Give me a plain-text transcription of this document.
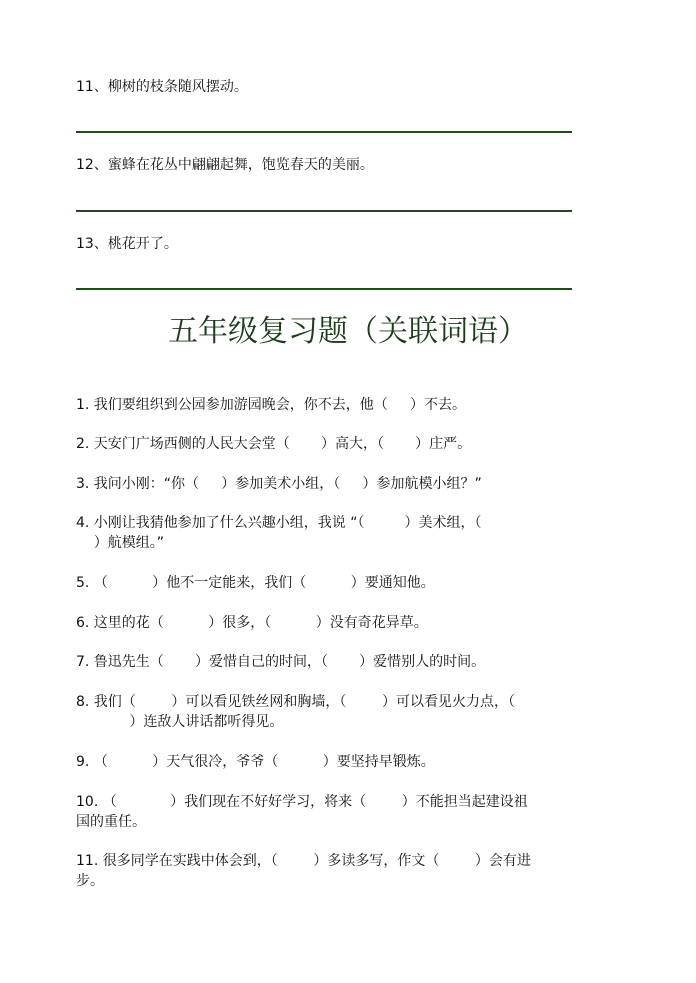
11、柳树的枝条随风摆动。
12、蜜蜂在花丛中翩翩起舞，饱览春天的美丽。
13、桃花开了。
五年级复习题（关联词语）
1. 我们要组织到公园参加游园晚会，你不去，他（     ）不去。
2. 天安门广场西侧的人民大会堂（       ）高大，（       ）庄严。
3. 我问小刚：“你（     ）参加美术小组，（     ）参加航模小组？”
4. 小刚让我猜他参加了什么兴趣小组，我说 “（         ）美术组，（
）航模组。”
5. （          ）他不一定能来，我们（          ）要通知他。
6. 这里的花（          ）很多，（          ）没有奇花异草。
7. 鲁迅先生（       ）爱惜自己的时间，（       ）爱惜别人的时间。
8. 我们（        ）可以看见铁丝网和胸墙，（        ）可以看见火力点，（
）连敌人讲话都听得见。
9. （          ）天气很冷，爷爷（          ）要坚持早锻炼。
10. （            ）我们现在不好好学习，将来（        ）不能担当起建设祖
国的重任。
11. 很多同学在实践中体会到，（        ）多读多写，作文（        ）会有进
步。
